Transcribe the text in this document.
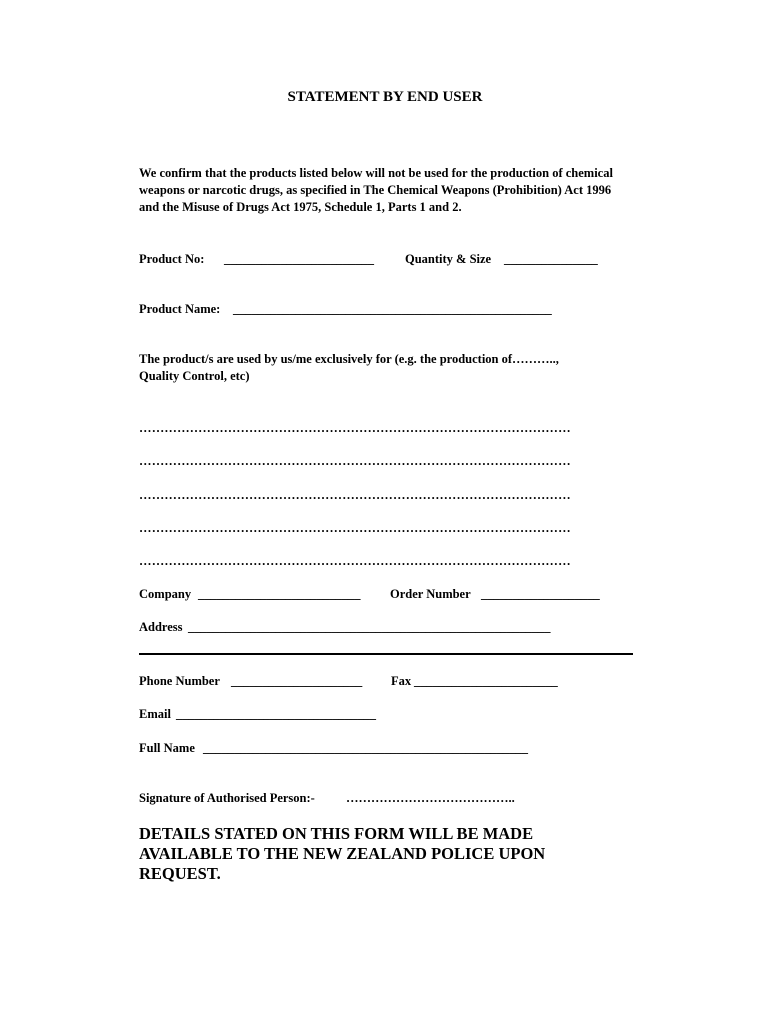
STATEMENT BY END USER
We confirm that the products listed below will not be used for the production of chemical weapons or narcotic drugs, as specified in The Chemical Weapons (Prohibition) Act 1996 and the Misuse of Drugs Act 1975, Schedule 1, Parts 1 and 2.
Product No: ________________________ Quantity & Size _______________
Product Name: ___________________________________________________
The product/s are used by us/me exclusively for (e.g. the production of………..,
Quality Control, etc)
…………………………………………………………………………………………
…………………………………………………………………………………………
…………………………………………………………………………………………
…………………………………………………………………………………………
…………………………………………………………………………………………
Company __________________________ Order Number ___________________
Address __________________________________________________________
Phone Number _____________________ Fax _______________________
Email ________________________________
Full Name ____________________________________________________
Signature of Authorised Person:- …………………………………..
DETAILS STATED ON THIS FORM WILL BE MADE AVAILABLE TO THE NEW ZEALAND POLICE UPON REQUEST.
